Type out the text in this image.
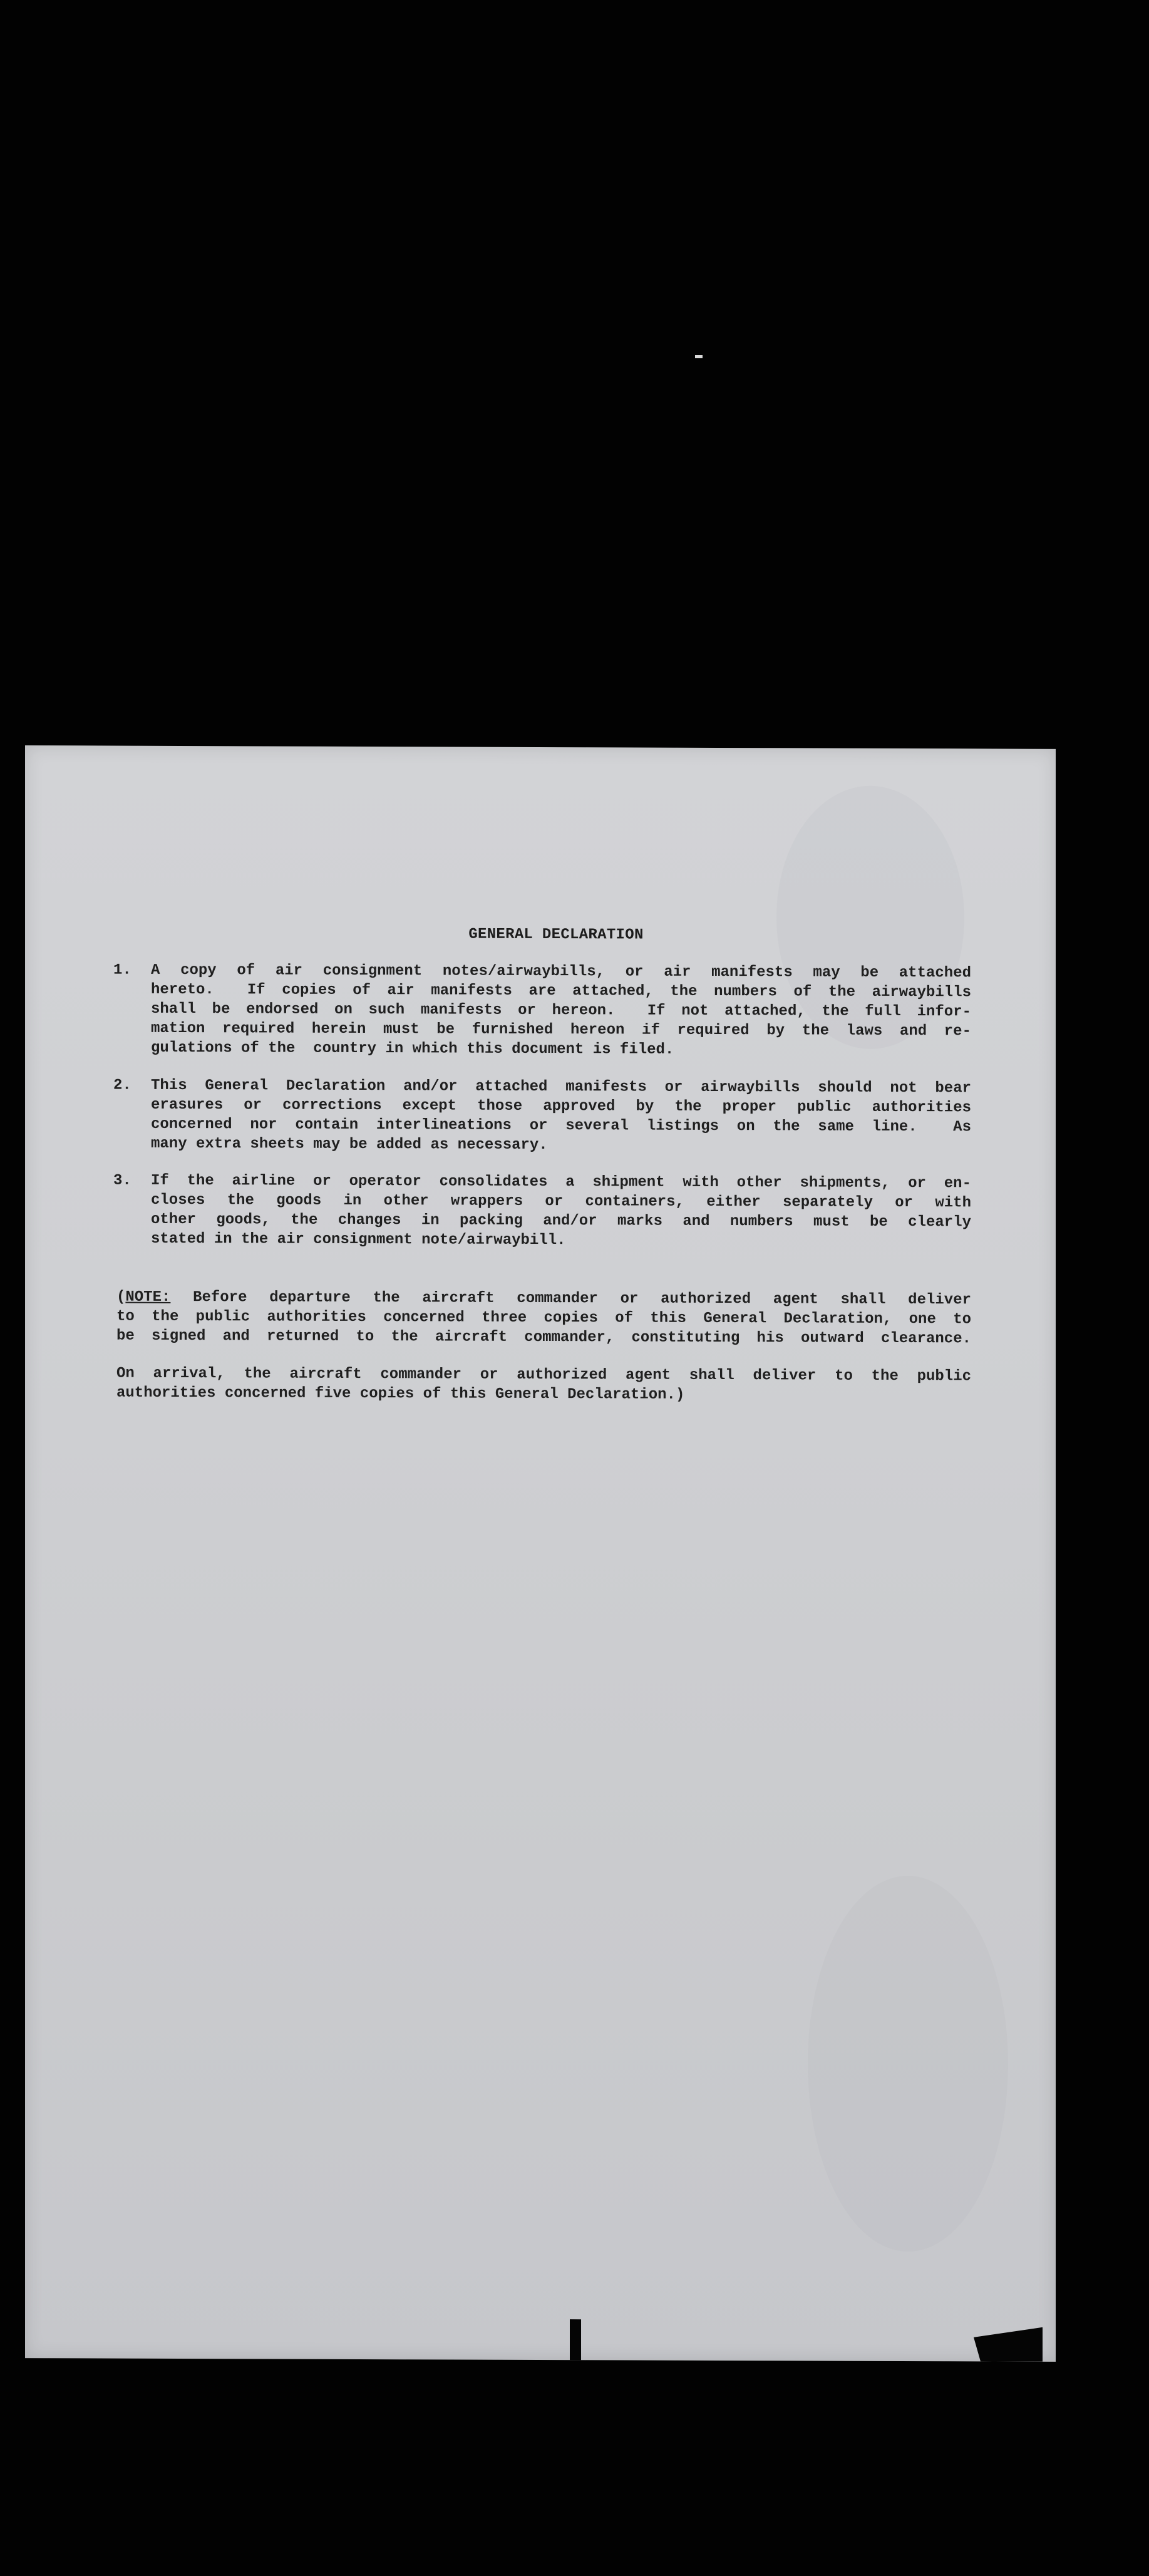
GENERAL DECLARATION
1.	A copy of air consignment notes/airwaybills, or air manifests may be attached
hereto.  If copies of air manifests are attached, the numbers of the airwaybills
shall be endorsed on such manifests or hereon.  If not attached, the full infor-
mation required herein must be furnished hereon if required by the laws and re-
gulations of the  country in which this document is filed.
2.	This General Declaration and/or attached manifests or airwaybills should not bear
erasures or corrections except those approved by the proper public authorities
concerned nor contain interlineations or several listings on the same line.  As
many extra sheets may be added as necessary.
3.	If the airline or operator consolidates a shipment with other shipments, or en-
closes the goods in other wrappers or containers, either separately or with
other goods, the changes in packing and/or marks and numbers must be clearly
stated in the air consignment note/airwaybill.
(NOTE: Before departure the aircraft commander or authorized agent shall deliver
to the public authorities concerned three copies of this General Declaration, one to
be signed and returned to the aircraft commander, constituting his outward clearance.
On arrival, the aircraft commander or authorized agent shall deliver to the public
authorities concerned five copies of this General Declaration.)
